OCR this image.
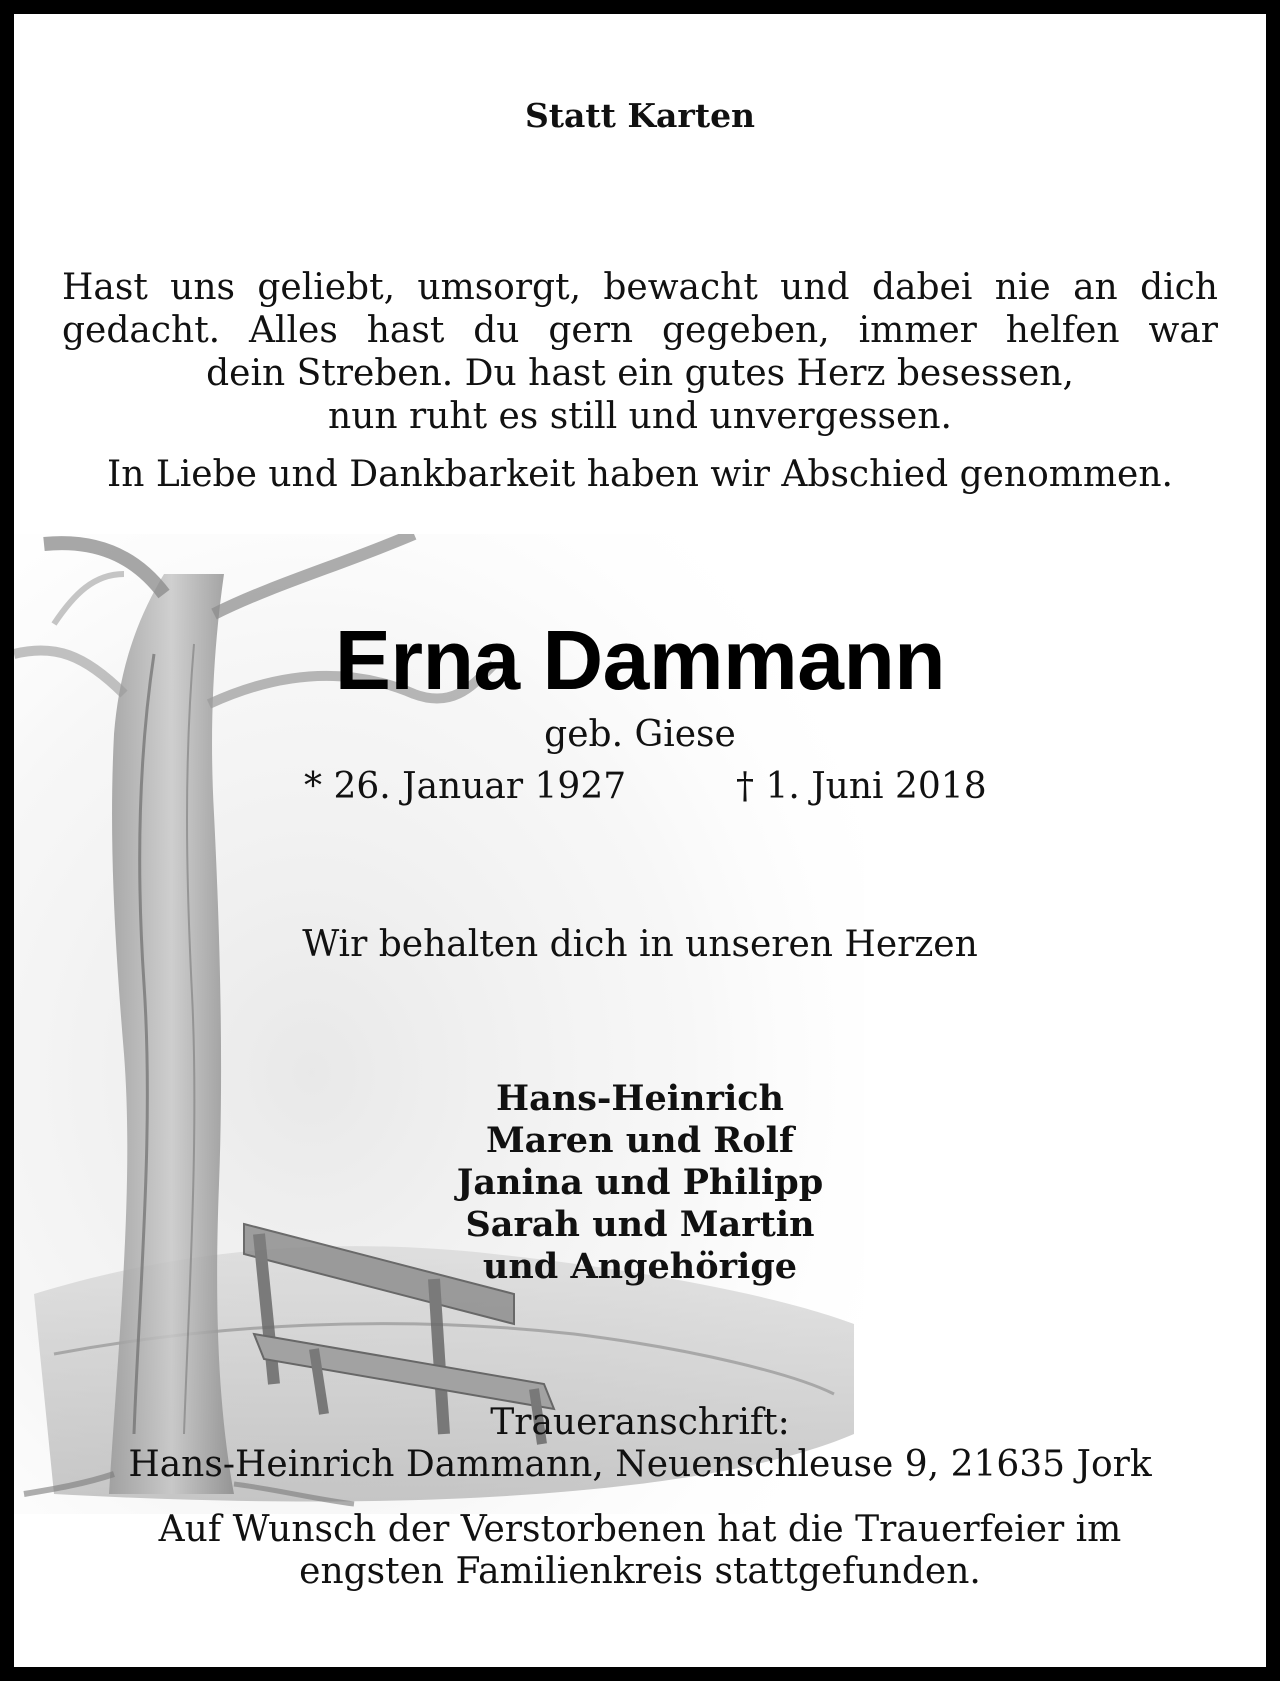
Statt Karten
Hast uns geliebt, umsorgt, bewacht und dabei nie an dich
gedacht. Alles hast du gern gegeben, immer helfen war
dein Streben. Du hast ein gutes Herz besessen,
nun ruht es still und unvergessen.
In Liebe und Dankbarkeit haben wir Abschied genommen.
Erna Dammann
geb. Giese
* 26. Januar 1927	† 1. Juni 2018
Wir behalten dich in unseren Herzen
Hans-Heinrich
Maren und Rolf
Janina und Philipp
Sarah und Martin
und Angehörige
Traueranschrift:
Hans-Heinrich Dammann, Neuenschleuse 9, 21635 Jork
Auf Wunsch der Verstorbenen hat die Trauerfeier im
engsten Familienkreis stattgefunden.
